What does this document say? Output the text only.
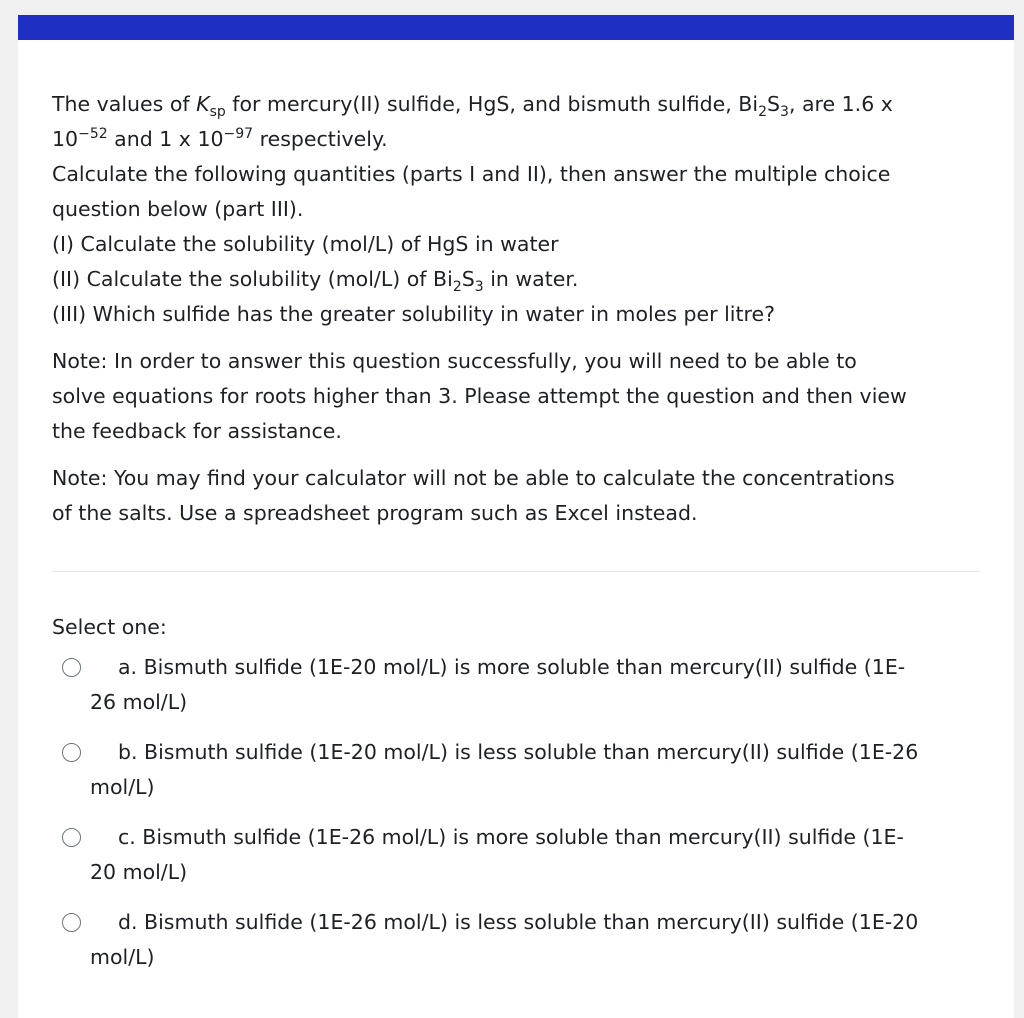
The values of $K_{sp}$ for mercury(II) sulfide, HgS, and bismuth sulfide, $Bi_2S_3$, are 1.6 x
$10^{-52}$ and 1 x $10^{-97}$ respectively.
Calculate the following quantities (parts I and II), then answer the multiple choice
question below (part III).
(I) Calculate the solubility (mol/L) of HgS in water
(II) Calculate the solubility (mol/L) of $Bi_2S_3$ in water.
(III) Which sulfide has the greater solubility in water in moles per litre?
Note: In order to answer this question successfully, you will need to be able to
solve equations for roots higher than 3. Please attempt the question and then view
the feedback for assistance.
Note: You may find your calculator will not be able to calculate the concentrations
of the salts. Use a spreadsheet program such as Excel instead.
Select one:
a. Bismuth sulfide (1E-20 mol/L) is more soluble than mercury(II) sulfide (1E-
26 mol/L)
b. Bismuth sulfide (1E-20 mol/L) is less soluble than mercury(II) sulfide (1E-26
mol/L)
c. Bismuth sulfide (1E-26 mol/L) is more soluble than mercury(II) sulfide (1E-
20 mol/L)
d. Bismuth sulfide (1E-26 mol/L) is less soluble than mercury(II) sulfide (1E-20
mol/L)
